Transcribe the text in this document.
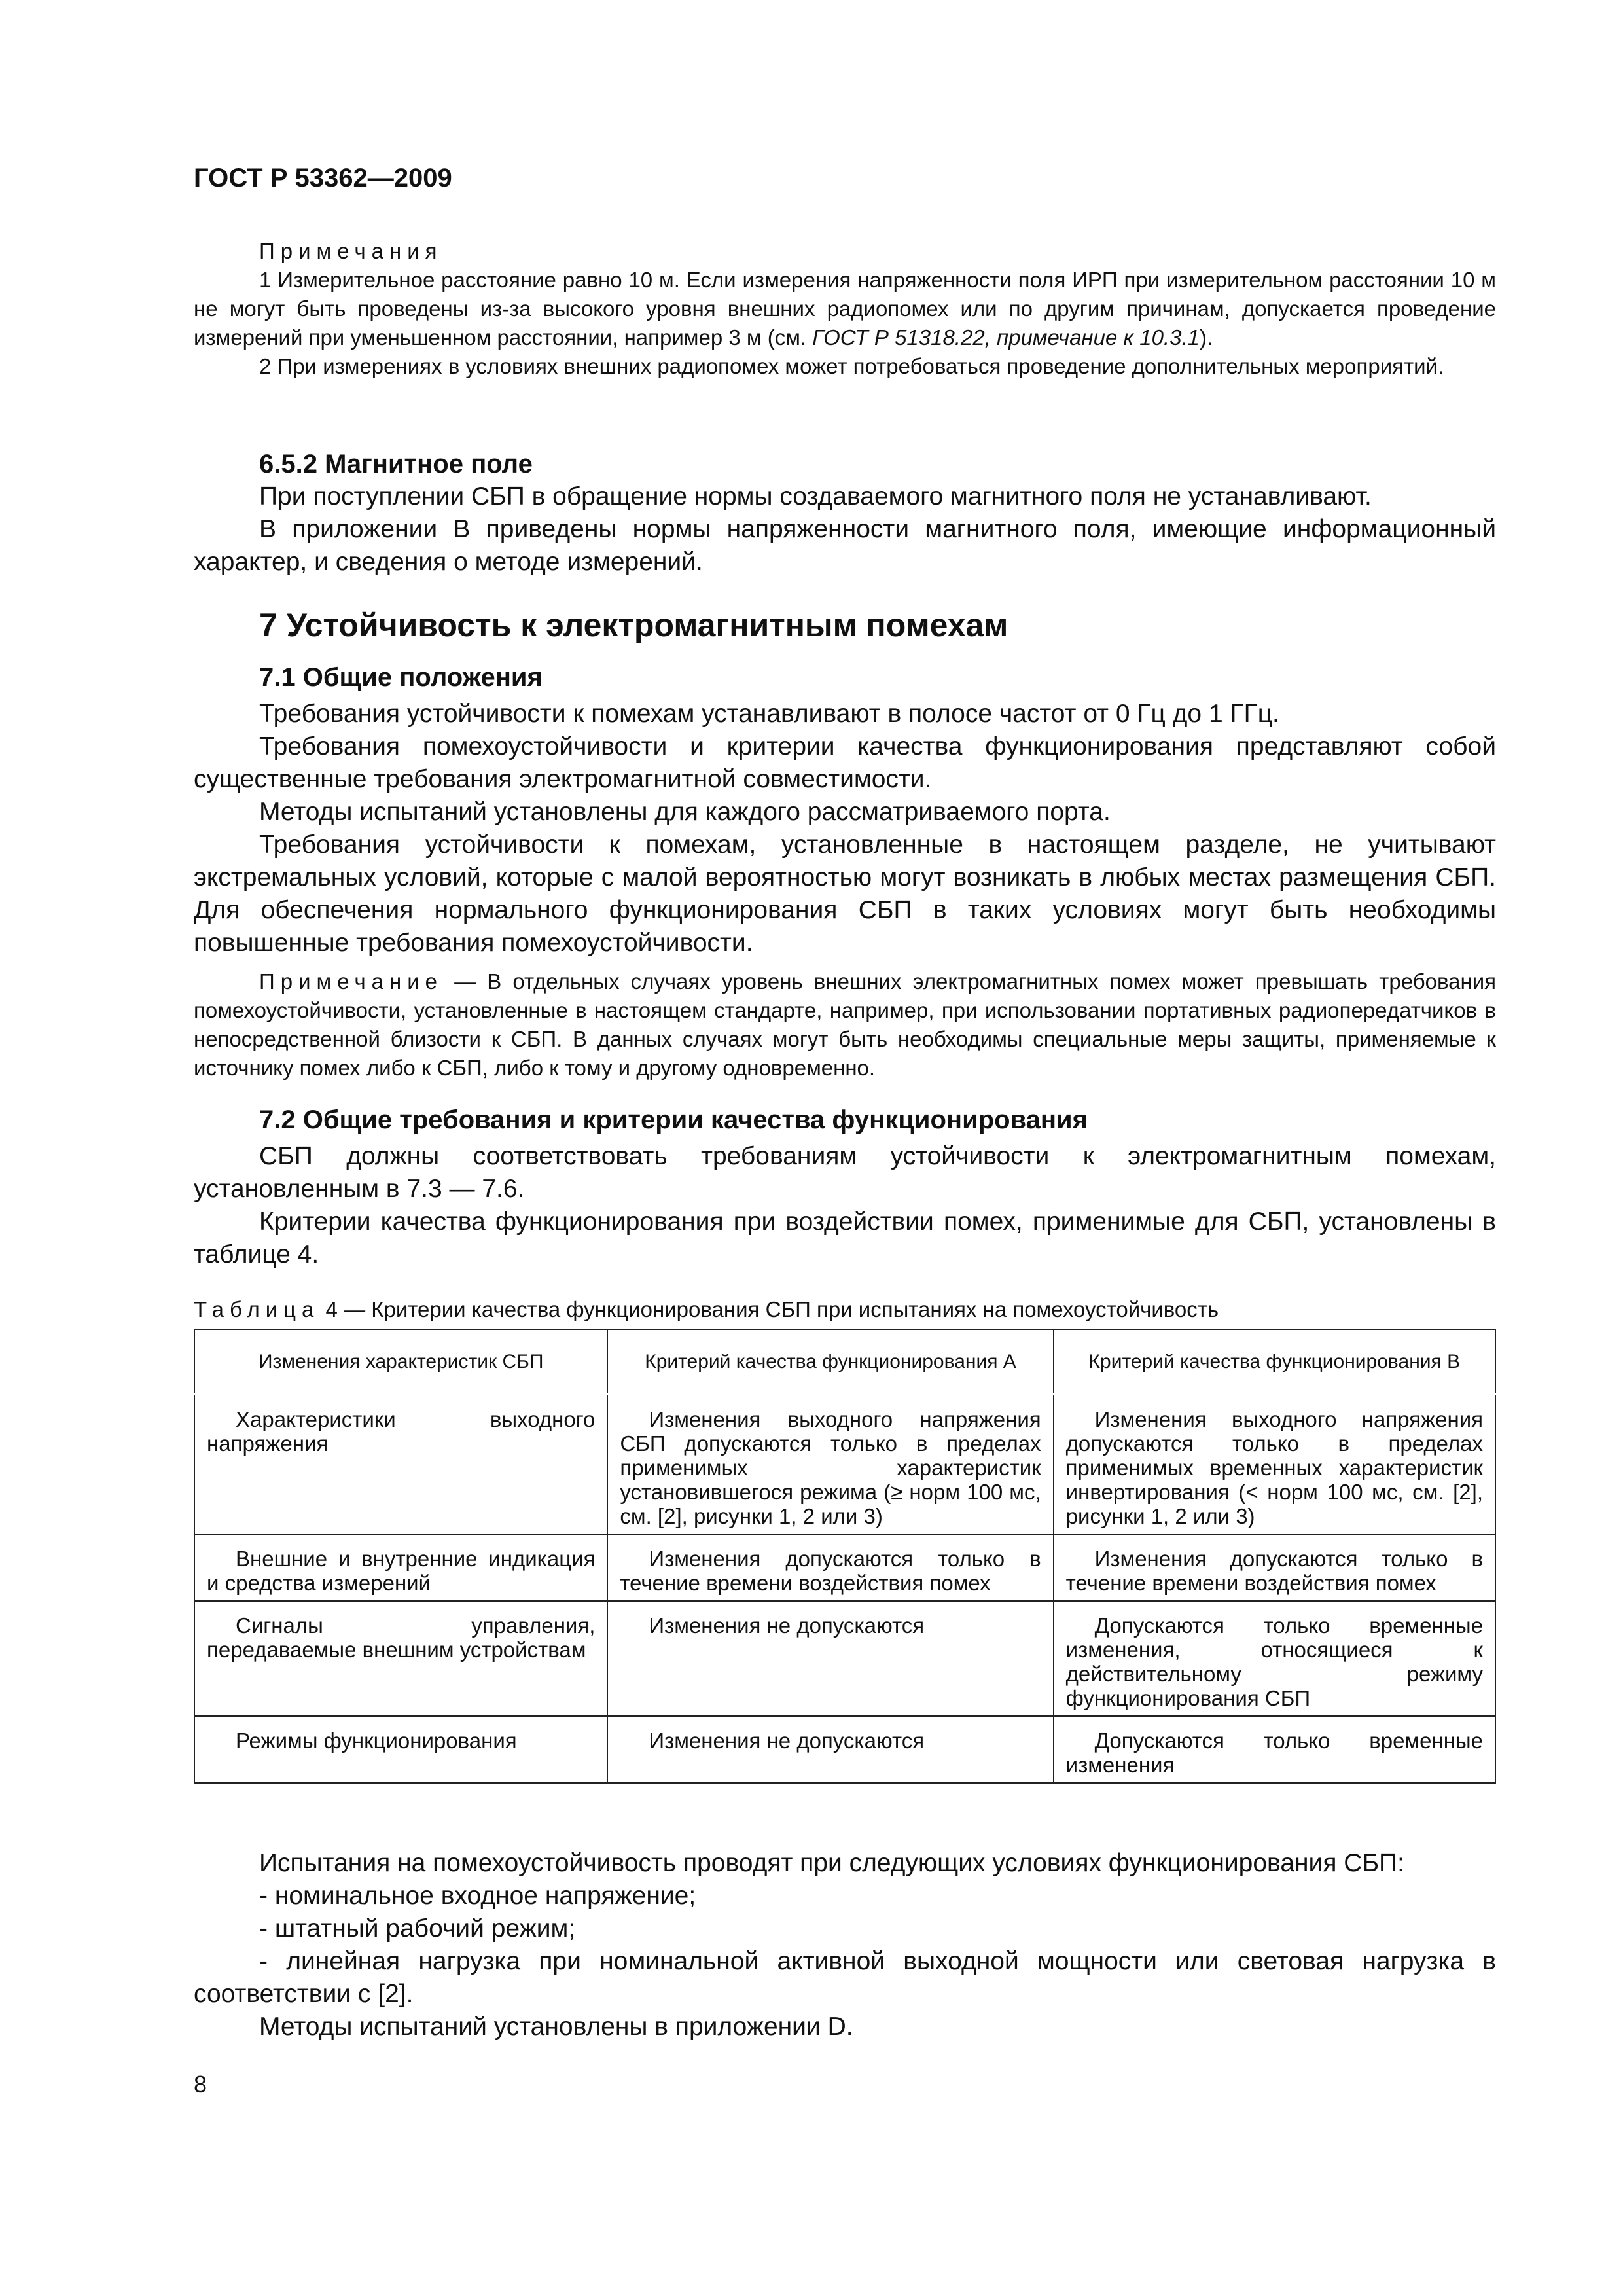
ГОСТ Р 53362—2009

Примечания

1 Измерительное расстояние равно 10 м. Если измерения напряженности поля ИРП при измерительном расстоянии 10 м не могут быть проведены из-за высокого уровня внешних радиопомех или по другим причинам, допускается проведение измерений при уменьшенном расстоянии, например 3 м (см. ГОСТ Р 51318.22, примечание к 10.3.1).

2 При измерениях в условиях внешних радиопомех может потребоваться проведение дополнительных мероприятий.

6.5.2 Магнитное поле

При поступлении СБП в обращение нормы создаваемого магнитного поля не устанавливают.

В приложении В приведены нормы напряженности магнитного поля, имеющие информационный характер, и сведения о методе измерений.

7 Устойчивость к электромагнитным помехам
7.1 Общие положения

Требования устойчивости к помехам устанавливают в полосе частот от 0 Гц до 1 ГГц.

Требования помехоустойчивости и критерии качества функционирования представляют собой существенные требования электромагнитной совместимости.

Методы испытаний установлены для каждого рассматриваемого порта.

Требования устойчивости к помехам, установленные в настоящем разделе, не учитывают экстремальных условий, которые с малой вероятностью могут возникать в любых местах размещения СБП. Для обеспечения нормального функционирования СБП в таких условиях могут быть необходимы повышенные требования помехоустойчивости.

Примечание — В отдельных случаях уровень внешних электромагнитных помех может превышать требования помехоустойчивости, установленные в настоящем стандарте, например, при использовании портативных радиопередатчиков в непосредственной близости к СБП. В данных случаях могут быть необходимы специальные меры защиты, применяемые к источнику помех либо к СБП, либо к тому и другому одновременно.

7.2 Общие требования и критерии качества функционирования

СБП должны соответствовать требованиям устойчивости к электромагнитным помехам, установленным в 7.3 — 7.6.

Критерии качества функционирования при воздействии помех, применимые для СБП, установлены в таблице 4.

Таблица 4 — Критерии качества функционирования СБП при испытаниях на помехоустойчивость
Изменения характеристик СБП	Критерий качества функционирования А	Критерий качества функционирования В
Характеристики выходного напряжения	Изменения выходного напряжения СБП допускаются только в пределах применимых характеристик установившегося режима (≥ норм 100 мс, см. [2], рисунки 1, 2 или 3)	Изменения выходного напряжения допускаются только в пределах применимых временных характеристик инвертирования (< норм 100 мс, см. [2], рисунки 1, 2 или 3)
Внешние и внутренние индикация и средства измерений	Изменения допускаются только в течение времени воздействия помех	Изменения допускаются только в течение времени воздействия помех
Сигналы управления, передаваемые внешним устройствам	Изменения не допускаются	Допускаются только временные изменения, относящиеся к действительному режиму функционирования СБП
Режимы функционирования	Изменения не допускаются	Допускаются только временные изменения

Испытания на помехоустойчивость проводят при следующих условиях функционирования СБП:

- номинальное входное напряжение;

- штатный рабочий режим;

- линейная нагрузка при номинальной активной выходной мощности или световая нагрузка в соответствии с [2].

Методы испытаний установлены в приложении D.

8
